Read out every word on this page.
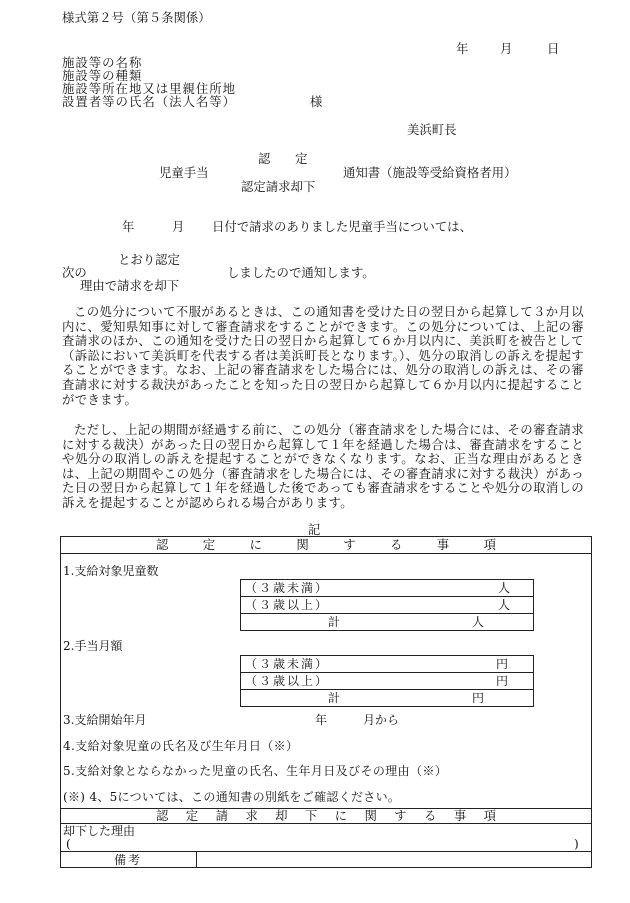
様式第２号（第５条関係）
年	月	日
施設等の名称
施設等の種類
施設等所在地又は里親住所地
設置者等の氏名（法人名等）	様
美浜町長
認　　定
児童手当	通知書（施設等受給資格者用）
認定請求却下
年	月 日付で請求のありました児童手当については、
とおり認定
次の	しましたので通知します。
理由で請求を却下
この処分について不服があるときは、この通知書を受けた日の翌日から起算して３か月以内に、愛知県知事に対して審査請求をすることができます。この処分については、上記の審査請求のほか、この通知を受けた日の翌日から起算して６か月以内に、美浜町を被告として（訴訟において美浜町を代表する者は美浜町長となります。）、処分の取消しの訴えを提起することができます。なお、上記の審査請求をした場合には、処分の取消しの訴えは、その審査請求に対する裁決があったことを知った日の翌日から起算して６か月以内に提起することができます。
ただし、上記の期間が経過する前に、この処分（審査請求をした場合には、その審査請求に対する裁決）があった日の翌日から起算して１年を経過した場合は、審査請求をすることや処分の取消しの訴えを提起することができなくなります。なお、正当な理由があるときは、上記の期間やこの処分（審査請求をした場合には、その審査請求に対する裁決）があった日の翌日から起算して１年を経過した後であっても審査請求をすることや処分の取消しの訴えを提起することが認められる場合があります。
記
認	定	に	関	す	る	事	項
1.支給対象児童数
（３歳未満）	人
（３歳以上）	人
計	人
2.手当月額
（３歳未満）	円
（３歳以上）	円
計	円
3.支給開始年月	年	月から
4.支給対象児童の氏名及び生年月日（※）
5.支給対象とならなかった児童の氏名、生年月日及びその理由（※）
(※) 4、5については、この通知書の別紙をご確認ください。
認 定 請 求 却 下 に 関 す る 事 項
却下した理由
(	)
備考
